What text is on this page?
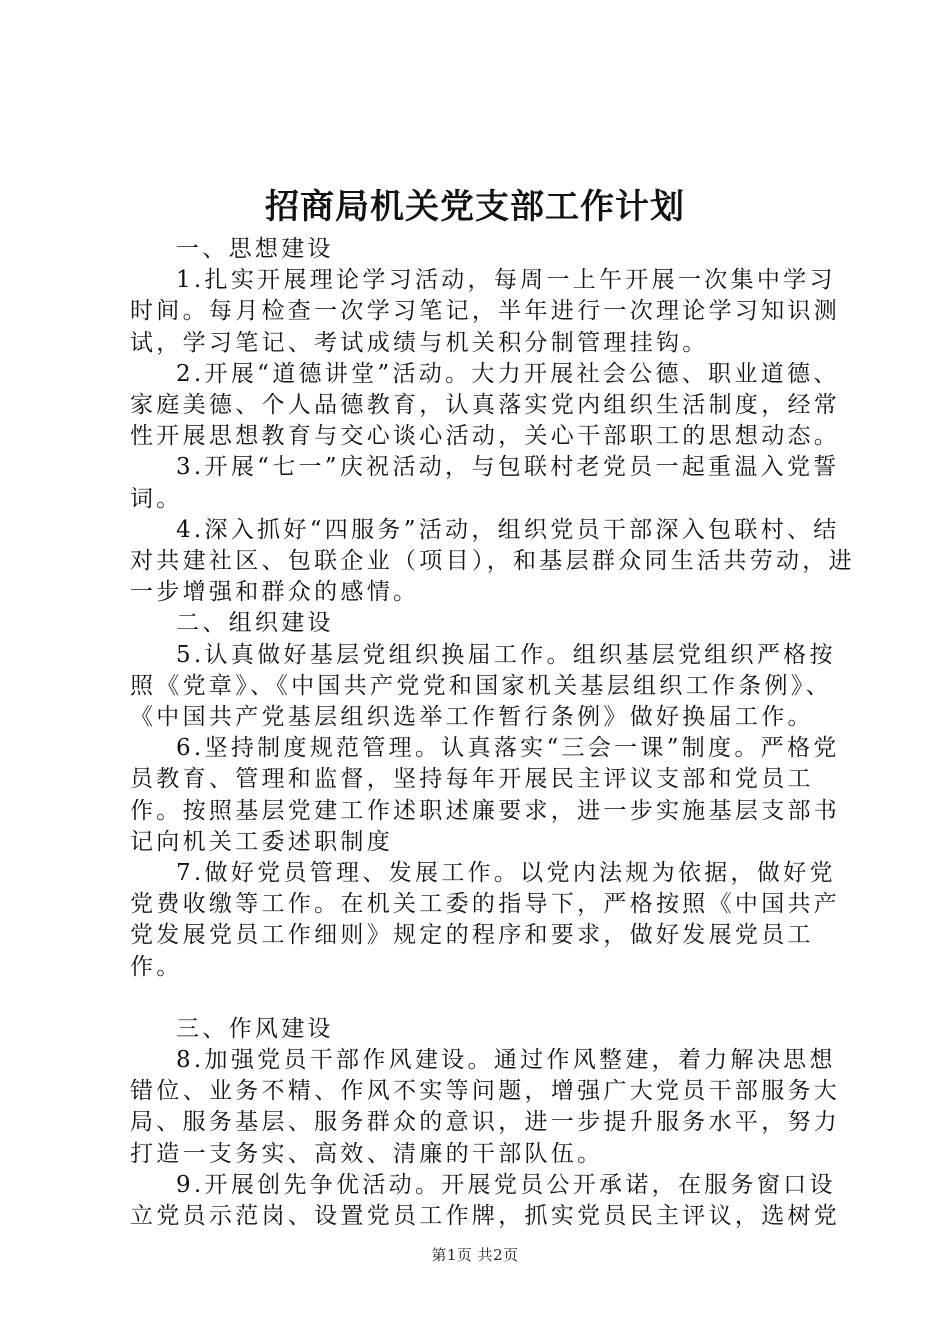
招商局机关党支部工作计划

一、思想建设

1.扎实开展理论学习活动，每周一上午开展一次集中学习时间。每月检查一次学习笔记，半年进行一次理论学习知识测试，学习笔记、考试成绩与机关积分制管理挂钩。

2.开展“道德讲堂”活动。大力开展社会公德、职业道德、家庭美德、个人品德教育，认真落实党内组织生活制度，经常性开展思想教育与交心谈心活动，关心干部职工的思想动态。

3.开展“七一”庆祝活动，与包联村老党员一起重温入党誓词。

4.深入抓好“四服务”活动，组织党员干部深入包联村、结对共建社区、包联企业（项目），和基层群众同生活共劳动，进一步增强和群众的感情。

二、组织建设

5.认真做好基层党组织换届工作。组织基层党组织严格按照《党章》、《中国共产党党和国家机关基层组织工作条例》、《中国共产党基层组织选举工作暂行条例》做好换届工作。

6.坚持制度规范管理。认真落实“三会一课”制度。严格党员教育、管理和监督，坚持每年开展民主评议支部和党员工作。按照基层党建工作述职述廉要求，进一步实施基层支部书记向机关工委述职制度

7.做好党员管理、发展工作。以党内法规为依据，做好党党费收缴等工作。在机关工委的指导下，严格按照《中国共产党发展党员工作细则》规定的程序和要求，做好发展党员工作。

三、作风建设

8.加强党员干部作风建设。通过作风整建，着力解决思想错位、业务不精、作风不实等问题，增强广大党员干部服务大局、服务基层、服务群众的意识，进一步提升服务水平，努力打造一支务实、高效、清廉的干部队伍。

9.开展创先争优活动。开展党员公开承诺，在服务窗口设立党员示范岗、设置党员工作牌，抓实党员民主评议，选树党

第1页 共2页
